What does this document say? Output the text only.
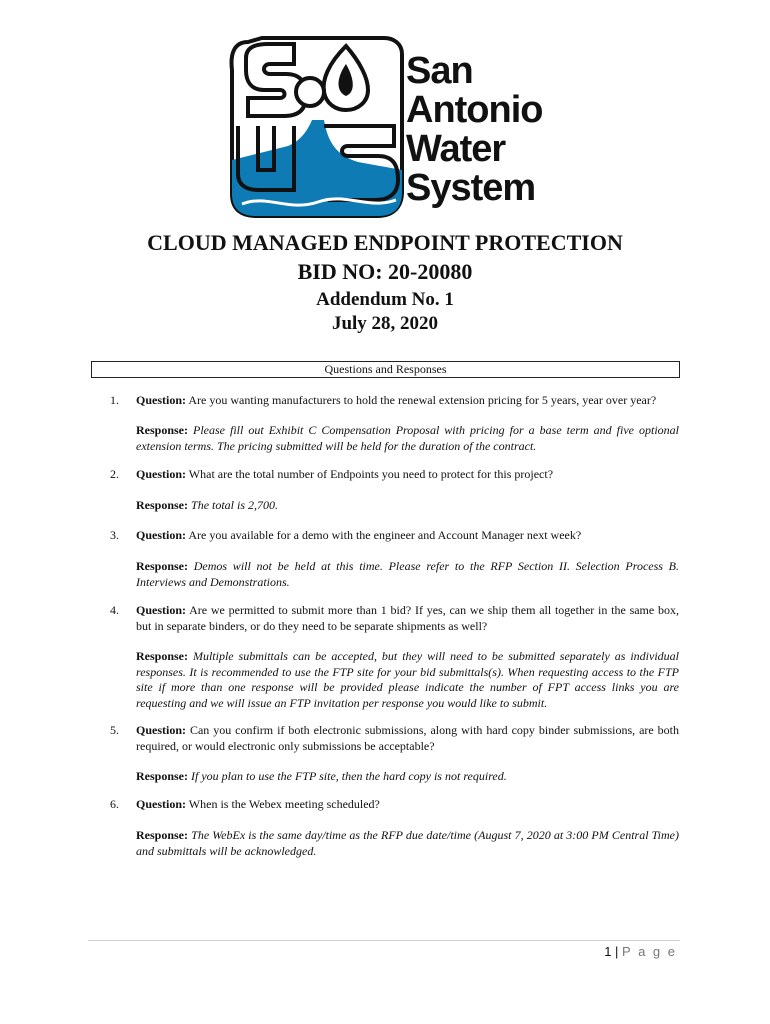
San
Antonio
Water
System
CLOUD MANAGED ENDPOINT PROTECTION
BID NO: 20-20080
Addendum No. 1
July 28, 2020
Questions and Responses
1. Question: Are you wanting manufacturers to hold the renewal extension pricing for 5 years, year over year?
Response: Please fill out Exhibit C Compensation Proposal with pricing for a base term and five optional extension terms. The pricing submitted will be held for the duration of the contract.
2. Question: What are the total number of Endpoints you need to protect for this project?
Response: The total is 2,700.
3. Question: Are you available for a demo with the engineer and Account Manager next week?
Response: Demos will not be held at this time. Please refer to the RFP Section II. Selection Process B. Interviews and Demonstrations.
4. Question: Are we permitted to submit more than 1 bid? If yes, can we ship them all together in the same box, but in separate binders, or do they need to be separate shipments as well?
Response: Multiple submittals can be accepted, but they will need to be submitted separately as individual responses. It is recommended to use the FTP site for your bid submittals(s). When requesting access to the FTP site if more than one response will be provided please indicate the number of FPT access links you are requesting and we will issue an FTP invitation per response you would like to submit.
5. Question: Can you confirm if both electronic submissions, along with hard copy binder submissions, are both required, or would electronic only submissions be acceptable?
Response: If you plan to use the FTP site, then the hard copy is not required.
6. Question: When is the Webex meeting scheduled?
Response: The WebEx is the same day/time as the RFP due date/time (August 7, 2020 at 3:00 PM Central Time) and submittals will be acknowledged.
1 | P a g e
